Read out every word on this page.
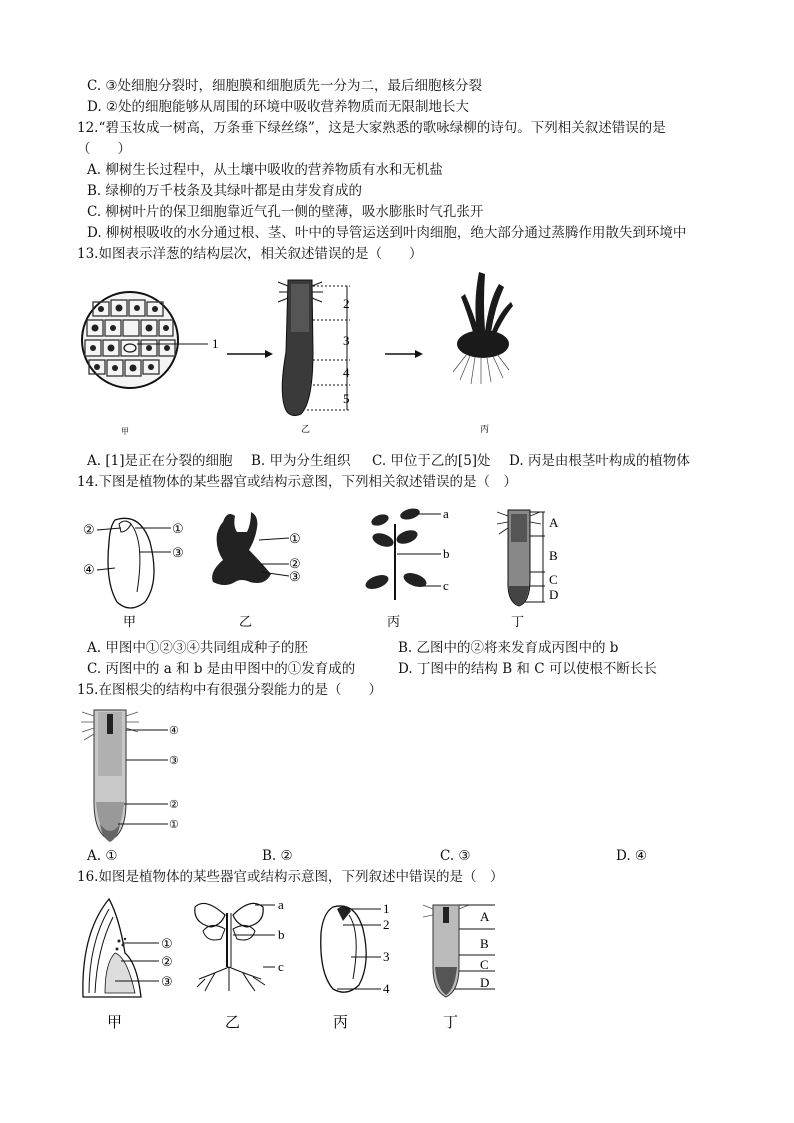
C. ③处细胞分裂时，细胞膜和细胞质先一分为二，最后细胞核分裂
D. ②处的细胞能够从周围的环境中吸收营养物质而无限制地长大
12.“碧玉妆成一树高，万条垂下绿丝绦”，这是大家熟悉的歌咏绿柳的诗句。下列相关叙述错误的是
（　　）
A. 柳树生长过程中，从土壤中吸收的营养物质有水和无机盐
B. 绿柳的万千枝条及其绿叶都是由芽发育成的
C. 柳树叶片的保卫细胞靠近气孔一侧的壁薄，吸水膨胀时气孔张开
D. 柳树根吸收的水分通过根、茎、叶中的导管运送到叶肉细胞，绝大部分通过蒸腾作用散失到环境中
13.如图表示洋葱的结构层次，相关叙述错误的是（　　）
1
甲
2
3
4
5
乙	丙
A. [1]是正在分裂的细胞 B. 甲为分生组织 C. 甲位于乙的[5]处 D. 丙是由根茎叶构成的植物体
14.下图是植物体的某些器官或结构示意图，下列相关叙述错误的是（　）
②	①
③
④
甲
①
②
③
乙
a
b
c
丙
A
B
C
D
丁
A. 甲图中①②③④共同组成种子的胚	B. 乙图中的②将来发育成丙图中的 b
C. 丙图中的 a 和 b 是由甲图中的①发育成的	D. 丁图中的结构 B 和 C 可以使根不断长长
15.在图根尖的结构中有很强分裂能力的是（　　）
④
③
②
①
A. ①	B. ②	C. ③	D. ④
16.如图是植物体的某些器官或结构示意图，下列叙述中错误的是（　）
①
②
③
甲
a
b
c
乙
1
2
3
4
丙
A
B
C
D
丁
